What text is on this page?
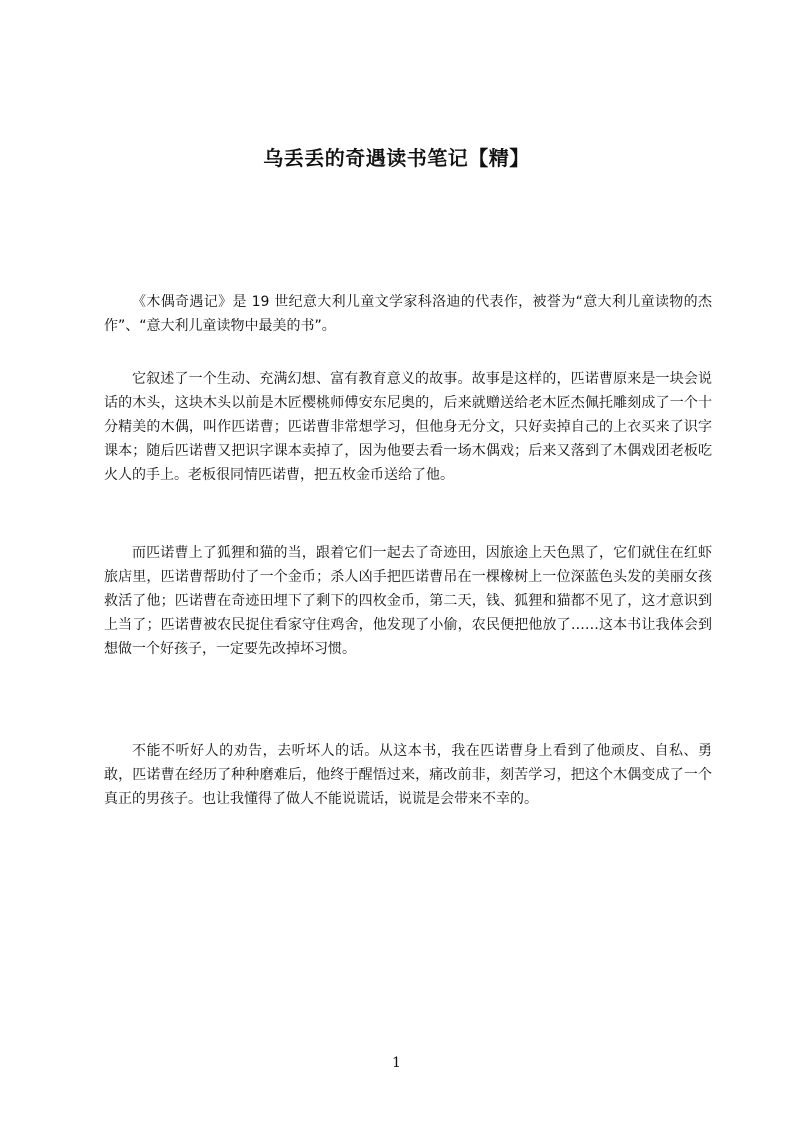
乌丢丢的奇遇读书笔记【精】

《木偶奇遇记》是 19 世纪意大利儿童文学家科洛迪的代表作，被誉为“意大利儿童读物的杰作”、“意大利儿童读物中最美的书”。

它叙述了一个生动、充满幻想、富有教育意义的故事。故事是这样的，匹诺曹原来是一块会说话的木头，这块木头以前是木匠樱桃师傅安东尼奥的，后来就赠送给老木匠杰佩托雕刻成了一个十分精美的木偶，叫作匹诺曹；匹诺曹非常想学习，但他身无分文，只好卖掉自己的上衣买来了识字课本；随后匹诺曹又把识字课本卖掉了，因为他要去看一场木偶戏；后来又落到了木偶戏团老板吃火人的手上。老板很同情匹诺曹，把五枚金币送给了他。

而匹诺曹上了狐狸和猫的当，跟着它们一起去了奇迹田，因旅途上天色黑了，它们就住在红虾旅店里，匹诺曹帮助付了一个金币；杀人凶手把匹诺曹吊在一棵橡树上一位深蓝色头发的美丽女孩救活了他；匹诺曹在奇迹田埋下了剩下的四枚金币，第二天，钱、狐狸和猫都不见了，这才意识到上当了；匹诺曹被农民捉住看家守住鸡舍，他发现了小偷，农民便把他放了……这本书让我体会到想做一个好孩子，一定要先改掉坏习惯。

不能不听好人的劝告，去听坏人的话。从这本书，我在匹诺曹身上看到了他顽皮、自私、勇敢，匹诺曹在经历了种种磨难后，他终于醒悟过来，痛改前非，刻苦学习，把这个木偶变成了一个真正的男孩子。也让我懂得了做人不能说谎话，说谎是会带来不幸的。

1
